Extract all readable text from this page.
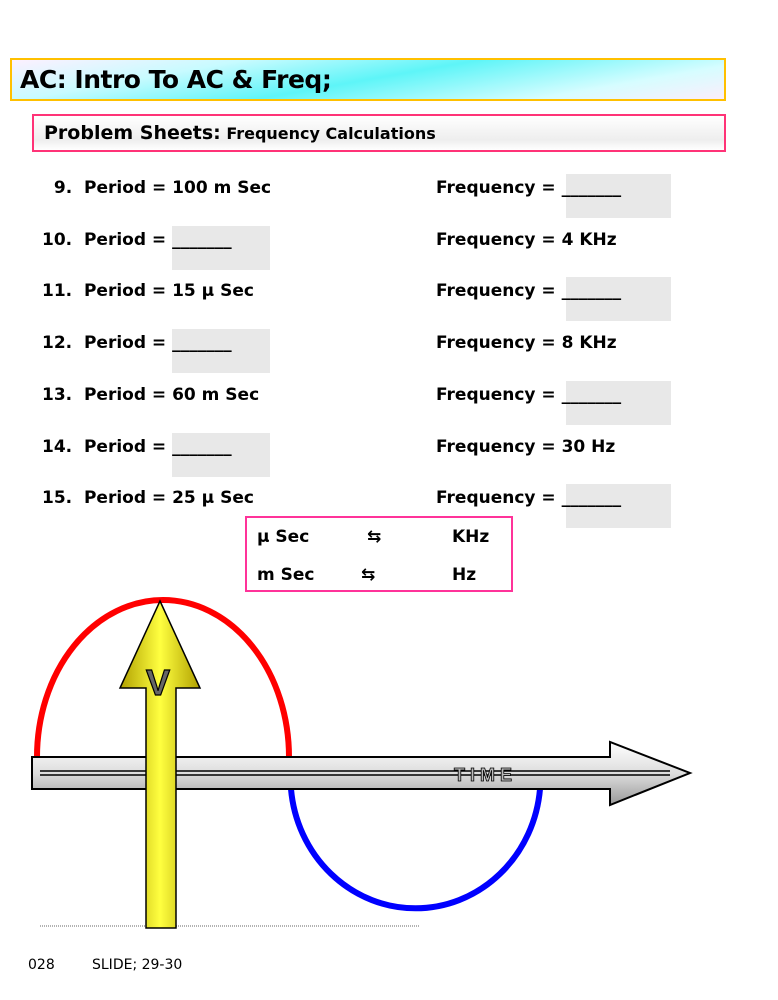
AC: Intro To AC & Freq;
Problem Sheets: Frequency Calculations
9.  Period = 100 m Sec	Frequency = _______
10.  Period = _______	Frequency = 4 KHz
11.  Period = 15 μ Sec	Frequency = _______
12.  Period = _______	Frequency = 8 KHz
13.  Period = 60 m Sec	Frequency = _______
14.  Period = _______	Frequency = 30 Hz
15.  Period = 25 μ Sec	Frequency = _______
μ Sec	⇆	KHz
m Sec	⇆	Hz
T I M E
V
028	SLIDE; 29-30
